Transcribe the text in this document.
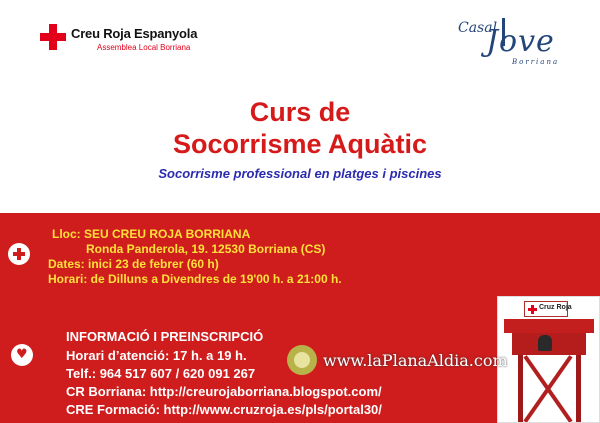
Creu Roja Espanyola
Assemblea Local Borriana
Casal
Jove
Borriana
Curs de
Socorrisme Aquàtic
Socorrisme professional en platges i piscines
Lloc: SEU CREU ROJA BORRIANA
Ronda Panderola, 19. 12530 Borriana (CS)
Dates: inici 23 de febrer (60 h)
Horari: de Dilluns a Divendres de 19'00 h. a 21:00 h.
♥
INFORMACIÓ I PREINSCRIPCIÓ
Horari d’atenció: 17 h. a 19 h.
Telf.: 964 517 607 / 620 091 267
CR Borriana: http://creurojaborriana.blogspot.com/
CRE Formació: http://www.cruzroja.es/pls/portal30/
Cruz Roja
www.laPlanaAldia.com
